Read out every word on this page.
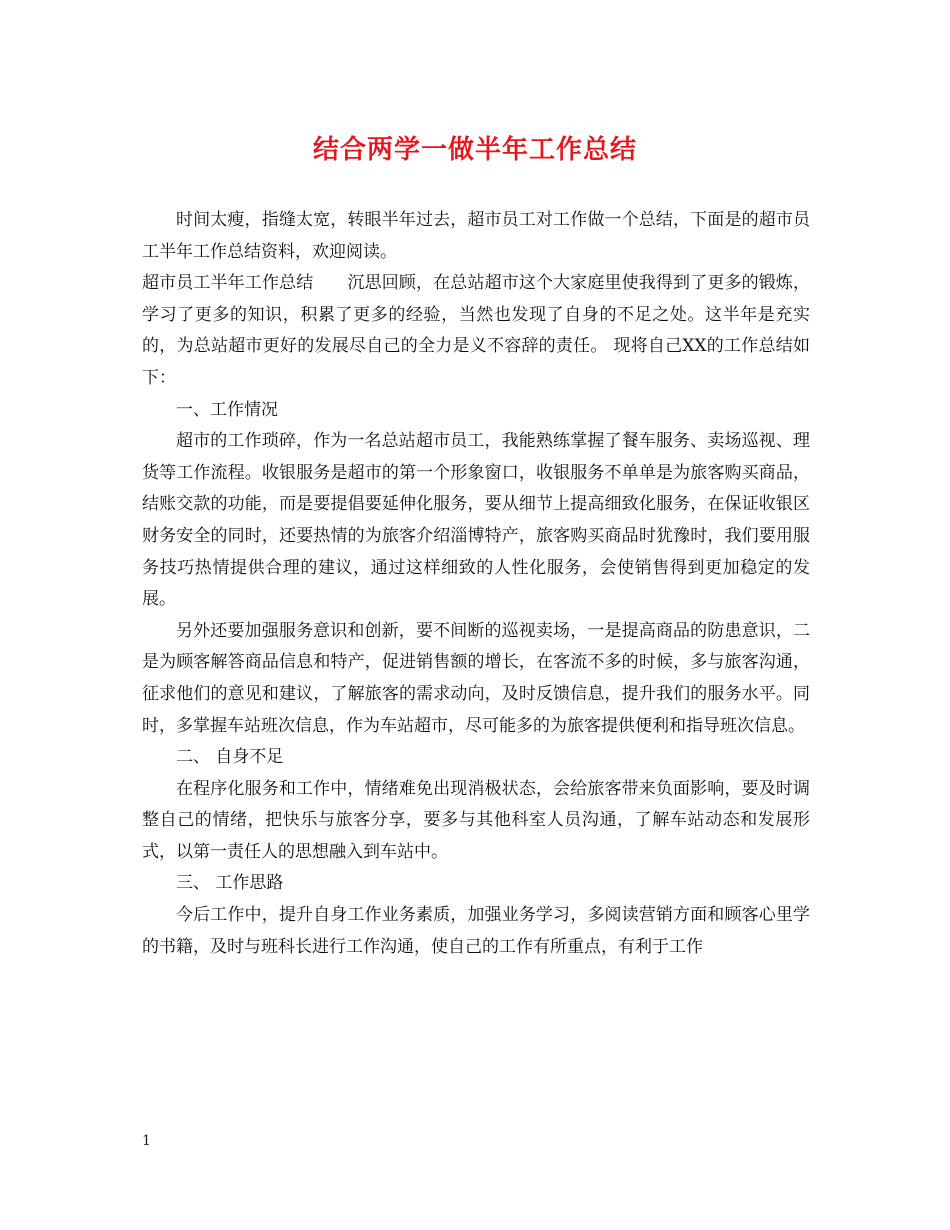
结合两学一做半年工作总结

时间太瘦，指缝太宽，转眼半年过去，超市员工对工作做一个总结，下面是的超市员工半年工作总结资料，欢迎阅读。

超市员工半年工作总结 沉思回顾，在总站超市这个大家庭里使我得到了更多的锻炼，学习了更多的知识，积累了更多的经验，当然也发现了自身的不足之处。这半年是充实的，为总站超市更好的发展尽自己的全力是义不容辞的责任。 现将自己XX的工作总结如下：

一、工作情况

超市的工作琐碎，作为一名总站超市员工，我能熟练掌握了餐车服务、卖场巡视、理货等工作流程。收银服务是超市的第一个形象窗口，收银服务不单单是为旅客购买商品，结账交款的功能，而是要提倡要延伸化服务，要从细节上提高细致化服务，在保证收银区财务安全的同时，还要热情的为旅客介绍淄博特产，旅客购买商品时犹豫时，我们要用服务技巧热情提供合理的建议，通过这样细致的人性化服务，会使销售得到更加稳定的发展。

另外还要加强服务意识和创新，要不间断的巡视卖场，一是提高商品的防患意识，二是为顾客解答商品信息和特产，促进销售额的增长，在客流不多的时候，多与旅客沟通，征求他们的意见和建议，了解旅客的需求动向，及时反馈信息，提升我们的服务水平。同时，多掌握车站班次信息，作为车站超市，尽可能多的为旅客提供便利和指导班次信息。

二、 自身不足

在程序化服务和工作中，情绪难免出现消极状态，会给旅客带来负面影响，要及时调整自己的情绪，把快乐与旅客分享，要多与其他科室人员沟通，了解车站动态和发展形式，以第一责任人的思想融入到车站中。

三、 工作思路

今后工作中，提升自身工作业务素质，加强业务学习，多阅读营销方面和顾客心里学的书籍，及时与班科长进行工作沟通，使自己的工作有所重点，有利于工作

1
